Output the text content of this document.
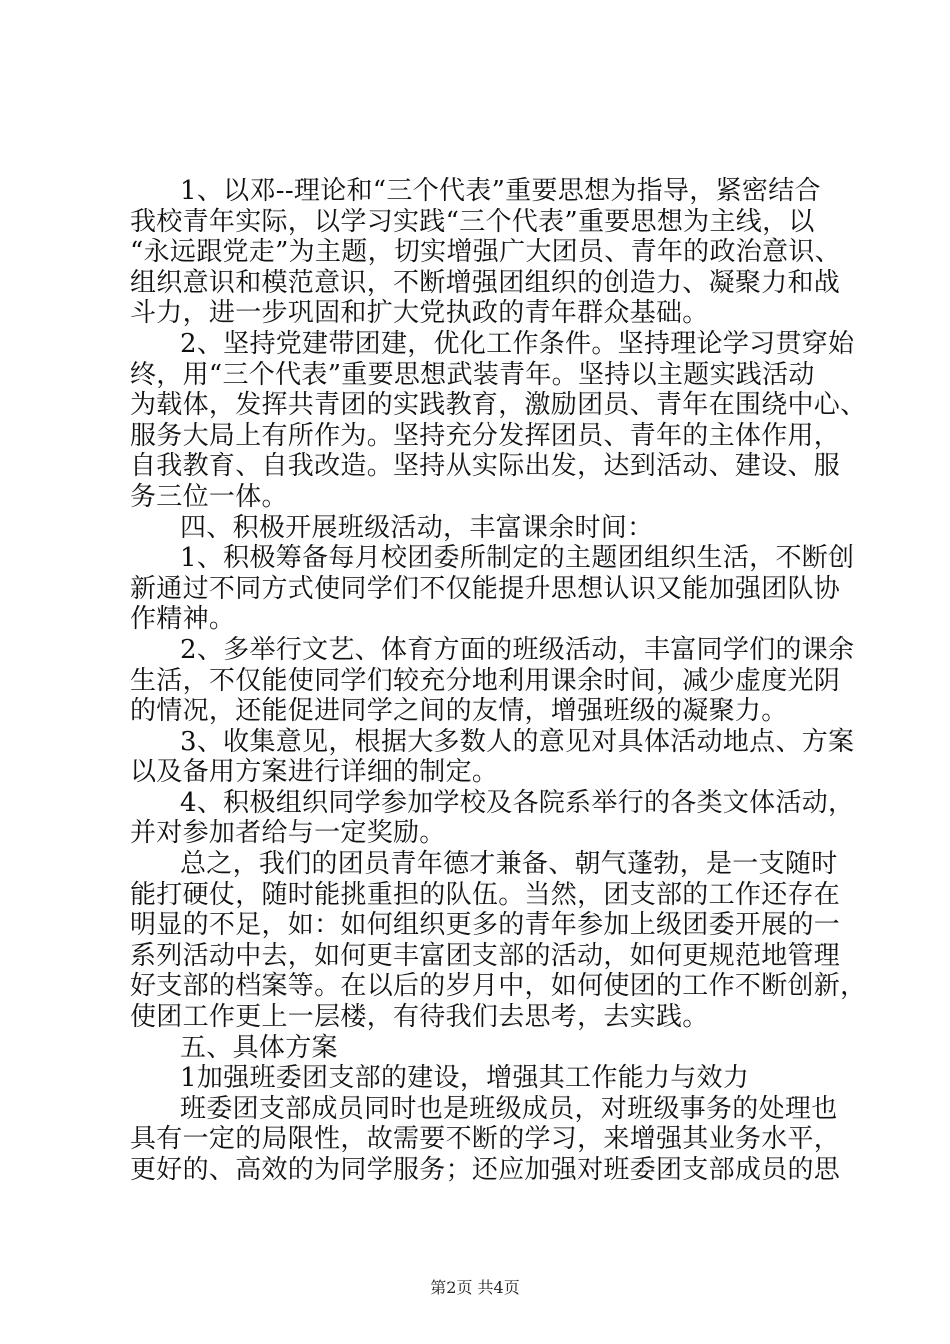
1、以邓--理论和“三个代表”重要思想为指导，紧密结合
我校青年实际，以学习实践“三个代表”重要思想为主线，以
“永远跟党走”为主题，切实增强广大团员、青年的政治意识、
组织意识和模范意识，不断增强团组织的创造力、凝聚力和战
斗力，进一步巩固和扩大党执政的青年群众基础。
2、坚持党建带团建，优化工作条件。坚持理论学习贯穿始
终，用“三个代表”重要思想武装青年。坚持以主题实践活动
为载体，发挥共青团的实践教育，激励团员、青年在围绕中心、
服务大局上有所作为。坚持充分发挥团员、青年的主体作用，
自我教育、自我改造。坚持从实际出发，达到活动、建设、服
务三位一体。
四、积极开展班级活动，丰富课余时间：
1、积极筹备每月校团委所制定的主题团组织生活，不断创
新通过不同方式使同学们不仅能提升思想认识又能加强团队协
作精神。
2、多举行文艺、体育方面的班级活动，丰富同学们的课余
生活，不仅能使同学们较充分地利用课余时间，减少虚度光阴
的情况，还能促进同学之间的友情，增强班级的凝聚力。
3、收集意见，根据大多数人的意见对具体活动地点、方案
以及备用方案进行详细的制定。
4、积极组织同学参加学校及各院系举行的各类文体活动，
并对参加者给与一定奖励。
总之，我们的团员青年德才兼备、朝气蓬勃，是一支随时
能打硬仗，随时能挑重担的队伍。当然，团支部的工作还存在
明显的不足，如：如何组织更多的青年参加上级团委开展的一
系列活动中去，如何更丰富团支部的活动，如何更规范地管理
好支部的档案等。在以后的岁月中，如何使团的工作不断创新，
使团工作更上一层楼，有待我们去思考，去实践。
五、具体方案
1加强班委团支部的建设，增强其工作能力与效力
班委团支部成员同时也是班级成员，对班级事务的处理也
具有一定的局限性，故需要不断的学习，来增强其业务水平，
更好的、高效的为同学服务；还应加强对班委团支部成员的思
第2页 共4页
